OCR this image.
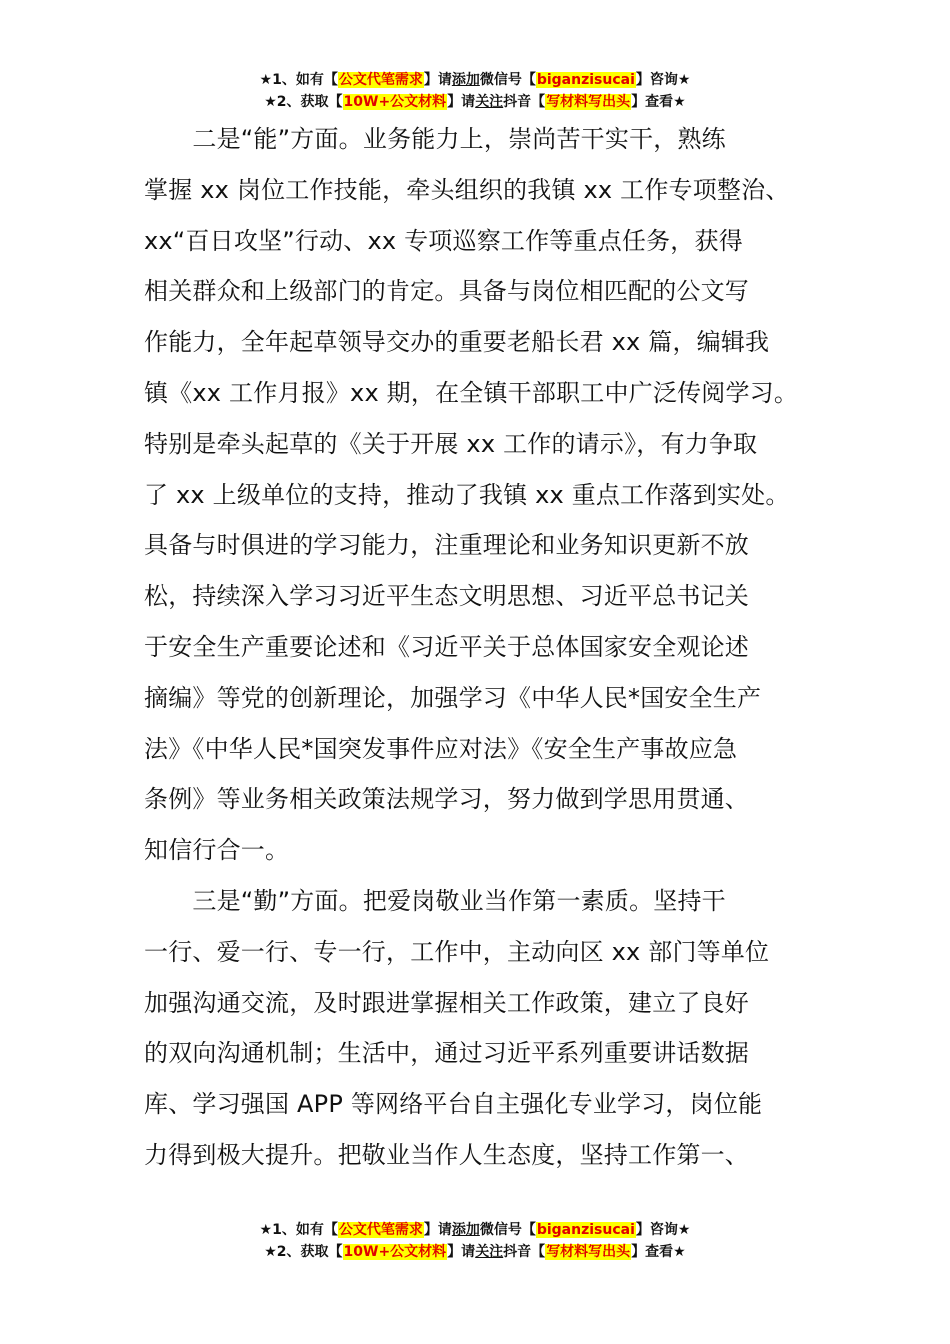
★1、如有【公文代笔需求】请添加微信号【biganzisucai】咨询★
★2、获取【10W+公文材料】请关注抖音【写材料写出头】查看★
　　二是“能”方面。业务能力上，崇尚苦干实干，熟练
掌握 xx 岗位工作技能，牵头组织的我镇 xx 工作专项整治、
xx“百日攻坚”行动、xx 专项巡察工作等重点任务，获得
相关群众和上级部门的肯定。具备与岗位相匹配的公文写
作能力，全年起草领导交办的重要老船长君 xx 篇，编辑我
镇《xx 工作月报》xx 期，在全镇干部职工中广泛传阅学习。
特别是牵头起草的《关于开展 xx 工作的请示》，有力争取
了 xx 上级单位的支持，推动了我镇 xx 重点工作落到实处。
具备与时俱进的学习能力，注重理论和业务知识更新不放
松，持续深入学习习近平生态文明思想、习近平总书记关
于安全生产重要论述和《习近平关于总体国家安全观论述
摘编》等党的创新理论，加强学习《中华人民*国安全生产
法》《中华人民*国突发事件应对法》《安全生产事故应急
条例》等业务相关政策法规学习，努力做到学思用贯通、
知信行合一。
　　三是“勤”方面。把爱岗敬业当作第一素质。坚持干
一行、爱一行、专一行，工作中，主动向区 xx 部门等单位
加强沟通交流，及时跟进掌握相关工作政策，建立了良好
的双向沟通机制；生活中，通过习近平系列重要讲话数据
库、学习强国 APP 等网络平台自主强化专业学习，岗位能
力得到极大提升。把敬业当作人生态度，坚持工作第一、
★1、如有【公文代笔需求】请添加微信号【biganzisucai】咨询★
★2、获取【10W+公文材料】请关注抖音【写材料写出头】查看★
